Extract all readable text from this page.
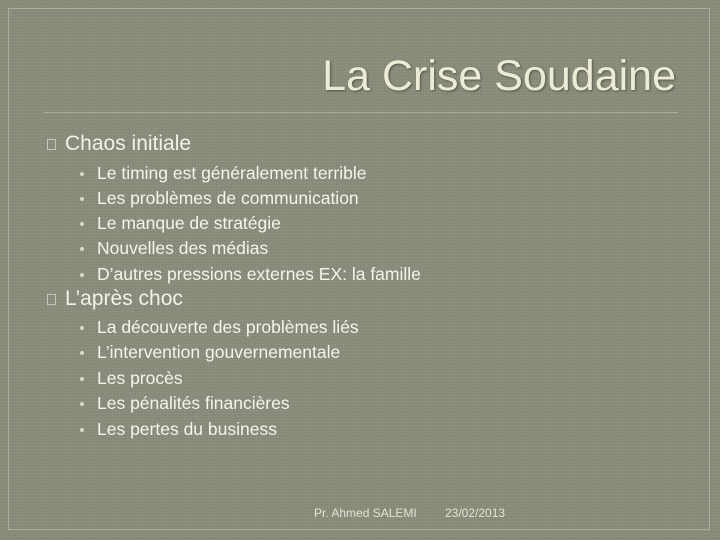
La Crise Soudaine
Chaos initiale
Le timing est généralement terrible
Les problèmes de communication
Le manque de stratégie
Nouvelles des médias
D’autres pressions externes EX: la famille
L’après choc
La découverte des problèmes liés
L’intervention gouvernementale
Les procès
Les pénalités financières
Les pertes du business
Pr. Ahmed SALEMI 23/02/2013
